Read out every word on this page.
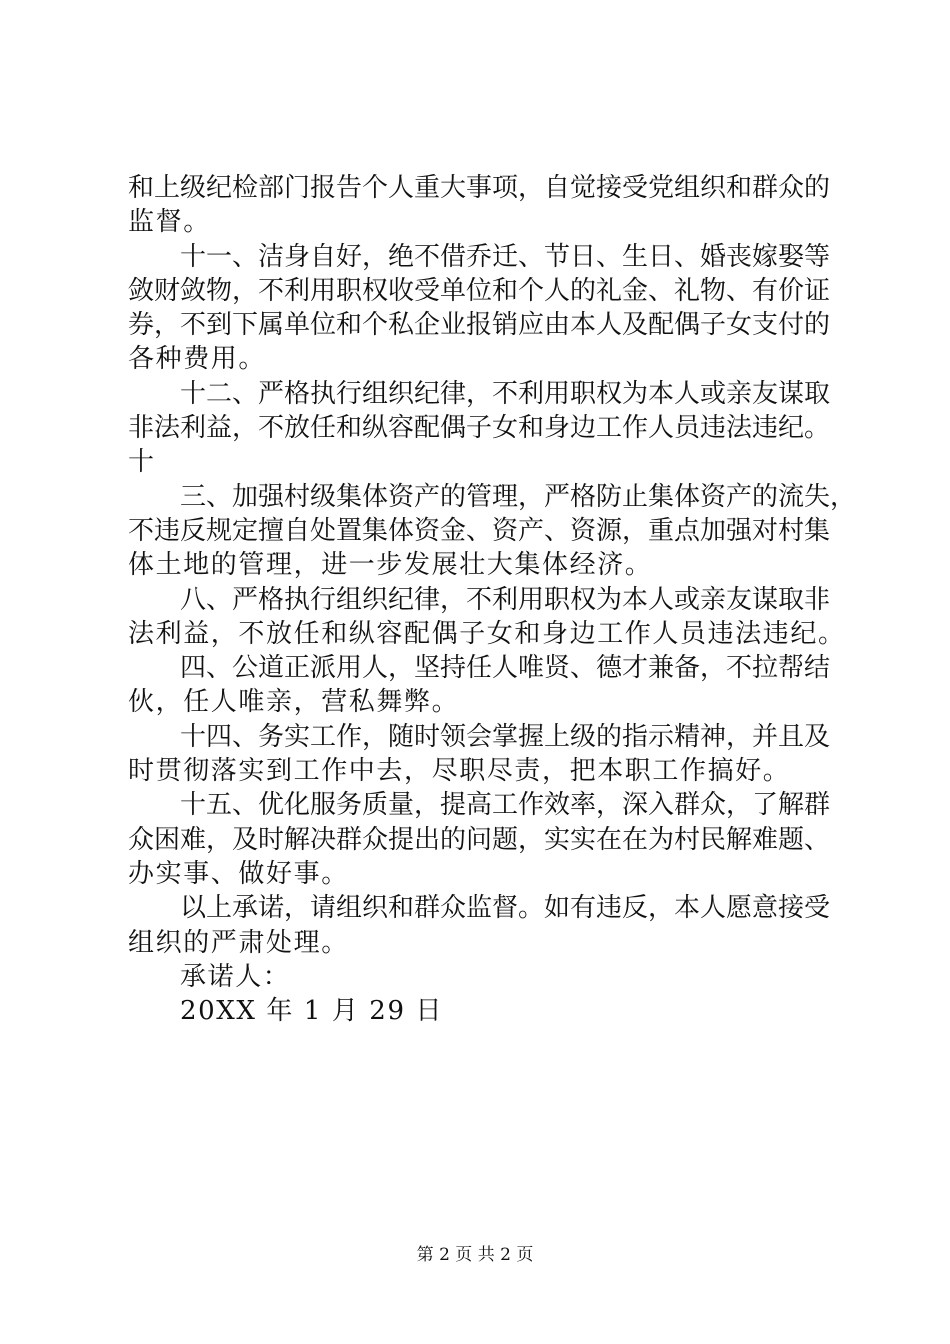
和上级纪检部门报告个人重大事项，自觉接受党组织和群众的
监督。
十一、洁身自好，绝不借乔迁、节日、生日、婚丧嫁娶等
敛财敛物，不利用职权收受单位和个人的礼金、礼物、有价证
券，不到下属单位和个私企业报销应由本人及配偶子女支付的
各种费用。
十二、严格执行组织纪律，不利用职权为本人或亲友谋取
非法利益，不放任和纵容配偶子女和身边工作人员违法违纪。
十
三、加强村级集体资产的管理，严格防止集体资产的流失，
不违反规定擅自处置集体资金、资产、资源，重点加强对村集
体土地的管理，进一步发展壮大集体经济。
八、严格执行组织纪律，不利用职权为本人或亲友谋取非
法利益，不放任和纵容配偶子女和身边工作人员违法违纪。
四、公道正派用人，坚持任人唯贤、德才兼备，不拉帮结
伙，任人唯亲，营私舞弊。
十四、务实工作，随时领会掌握上级的指示精神，并且及
时贯彻落实到工作中去，尽职尽责，把本职工作搞好。
十五、优化服务质量，提高工作效率，深入群众，了解群
众困难，及时解决群众提出的问题，实实在在为村民解难题、
办实事、做好事。
以上承诺，请组织和群众监督。如有违反，本人愿意接受
组织的严肃处理。
承诺人：
20XX 年 1 月 29 日
第 2 页 共 2 页
